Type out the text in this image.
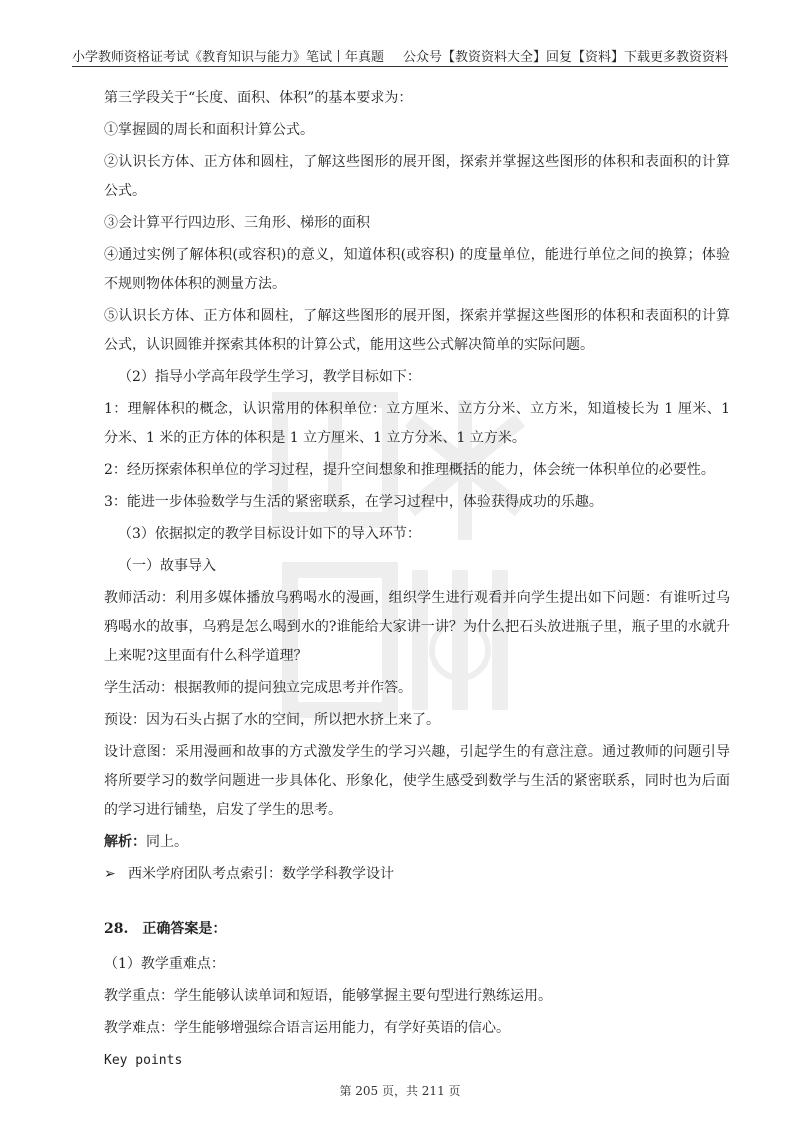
小学教师资格证考试《教育知识与能力》笔试丨年真题 公众号【教资资料大全】回复【资料】下载更多教资资料

第三学段关于“长度、面积、体积”的基本要求为：

①掌握圆的周长和面积计算公式。

②认识长方体、正方体和圆柱，了解这些图形的展开图，探索并掌握这些图形的体积和表面积的计算公式。

③会计算平行四边形、三角形、梯形的面积

④通过实例了解体积(或容积)的意义，知道体积(或容积) 的度量单位，能进行单位之间的换算；体验不规则物体体积的测量方法。

⑤认识长方体、正方体和圆柱，了解这些图形的展开图，探索并掌握这些图形的体积和表面积的计算公式，认识圆锥并探索其体积的计算公式，能用这些公式解决简单的实际问题。

（2）指导小学高年段学生学习，教学目标如下：

1：理解体积的概念，认识常用的体积单位：立方厘米、立方分米、立方米，知道棱长为 1 厘米、1 分米、1 米的正方体的体积是 1 立方厘米、1 立方分米、1 立方米。

2：经历探索体积单位的学习过程，提升空间想象和推理概括的能力，体会统一体积单位的必要性。

3：能进一步体验数学与生活的紧密联系，在学习过程中，体验获得成功的乐趣。

（3）依据拟定的教学目标设计如下的导入环节：

（一）故事导入

教师活动：利用多媒体播放乌鸦喝水的漫画，组织学生进行观看并向学生提出如下问题：有谁听过乌鸦喝水的故事，乌鸦是怎么喝到水的?谁能给大家讲一讲？为什么把石头放进瓶子里，瓶子里的水就升上来呢?这里面有什么科学道理？

学生活动：根据教师的提问独立完成思考并作答。

预设：因为石头占据了水的空间，所以把水挤上来了。

设计意图：采用漫画和故事的方式激发学生的学习兴趣，引起学生的有意注意。通过教师的问题引导将所要学习的数学问题进一步具体化、形象化，使学生感受到数学与生活的紧密联系，同时也为后面的学习进行铺垫，启发了学生的思考。

解析：同上。

➢ 西米学府团队考点索引：数学学科教学设计

28.　正确答案是：

（1）教学重难点：

教学重点：学生能够认读单词和短语，能够掌握主要句型进行熟练运用。

教学难点：学生能够增强综合语言运用能力，有学好英语的信心。

Key points

第 205 页，共 211 页
